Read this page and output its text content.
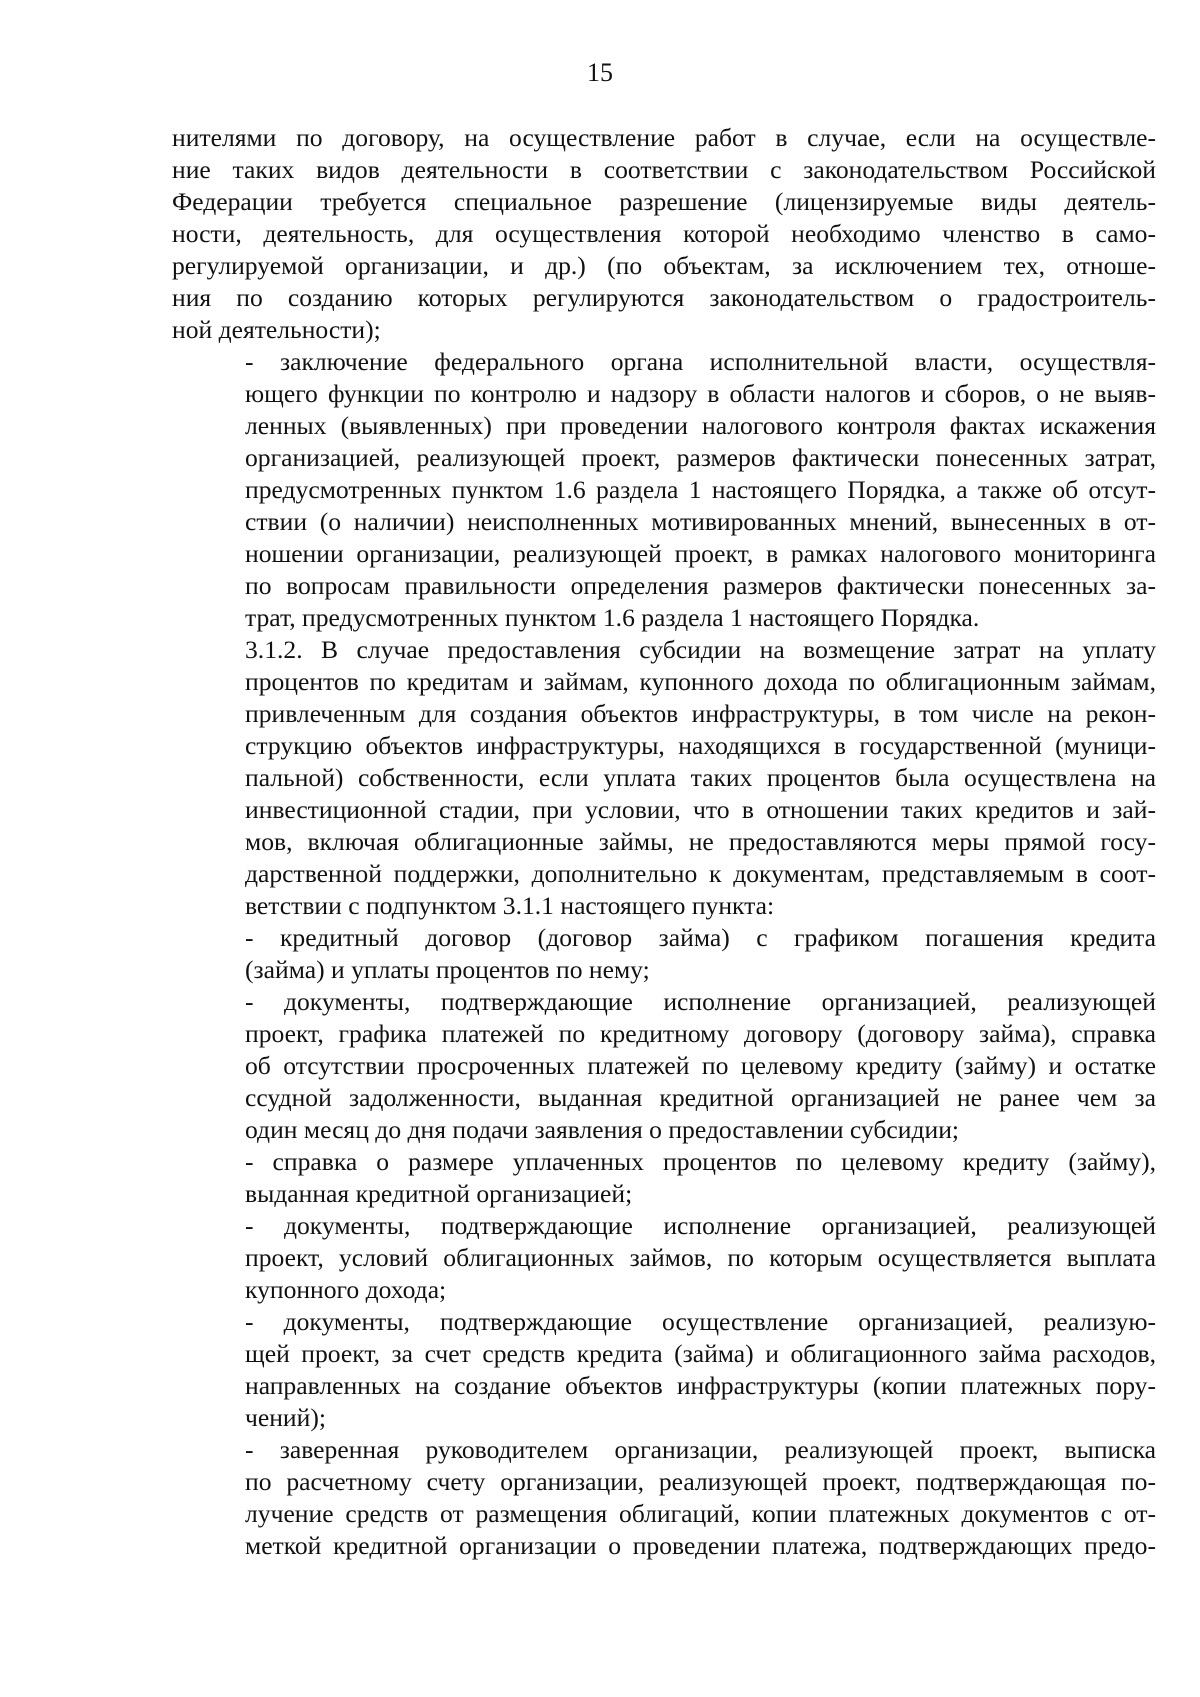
15
нителями по договору, на осуществление работ в случае, если на осуществле-
ние таких видов деятельности в соответствии с законодательством Российской
Федерации требуется специальное разрешение (лицензируемые виды деятель-
ности, деятельность, для осуществления которой необходимо членство в само-
регулируемой организации, и др.) (по объектам, за исключением тех, отноше-
ния по созданию которых регулируются законодательством о градостроитель-
ной деятельности);
- заключение федерального органа исполнительной власти, осуществля-
ющего функции по контролю и надзору в области налогов и сборов, о не выяв-
ленных (выявленных) при проведении налогового контроля фактах искажения
организацией, реализующей проект, размеров фактически понесенных затрат,
предусмотренных пунктом 1.6 раздела 1 настоящего Порядка, а также об отсут-
ствии (о наличии) неисполненных мотивированных мнений, вынесенных в от-
ношении организации, реализующей проект, в рамках налогового мониторинга
по вопросам правильности определения размеров фактически понесенных за-
трат, предусмотренных пунктом 1.6 раздела 1 настоящего Порядка.
3.1.2. В случае предоставления субсидии на возмещение затрат на уплату
процентов по кредитам и займам, купонного дохода по облигационным займам,
привлеченным для создания объектов инфраструктуры, в том числе на рекон-
струкцию объектов инфраструктуры, находящихся в государственной (муници-
пальной) собственности, если уплата таких процентов была осуществлена на
инвестиционной стадии, при условии, что в отношении таких кредитов и зай-
мов, включая облигационные займы, не предоставляются меры прямой госу-
дарственной поддержки, дополнительно к документам, представляемым в соот-
ветствии с подпунктом 3.1.1 настоящего пункта:
- кредитный договор (договор займа) с графиком погашения кредита
(займа) и уплаты процентов по нему;
- документы, подтверждающие исполнение организацией, реализующей
проект, графика платежей по кредитному договору (договору займа), справка
об отсутствии просроченных платежей по целевому кредиту (займу) и остатке
ссудной задолженности, выданная кредитной организацией не ранее чем за
один месяц до дня подачи заявления о предоставлении субсидии;
- справка о размере уплаченных процентов по целевому кредиту (займу),
выданная кредитной организацией;
- документы, подтверждающие исполнение организацией, реализующей
проект, условий облигационных займов, по которым осуществляется выплата
купонного дохода;
- документы, подтверждающие осуществление организацией, реализую-
щей проект, за счет средств кредита (займа) и облигационного займа расходов,
направленных на создание объектов инфраструктуры (копии платежных пору-
чений);
- заверенная руководителем организации, реализующей проект, выписка
по расчетному счету организации, реализующей проект, подтверждающая по-
лучение средств от размещения облигаций, копии платежных документов с от-
меткой кредитной организации о проведении платежа, подтверждающих предо-
